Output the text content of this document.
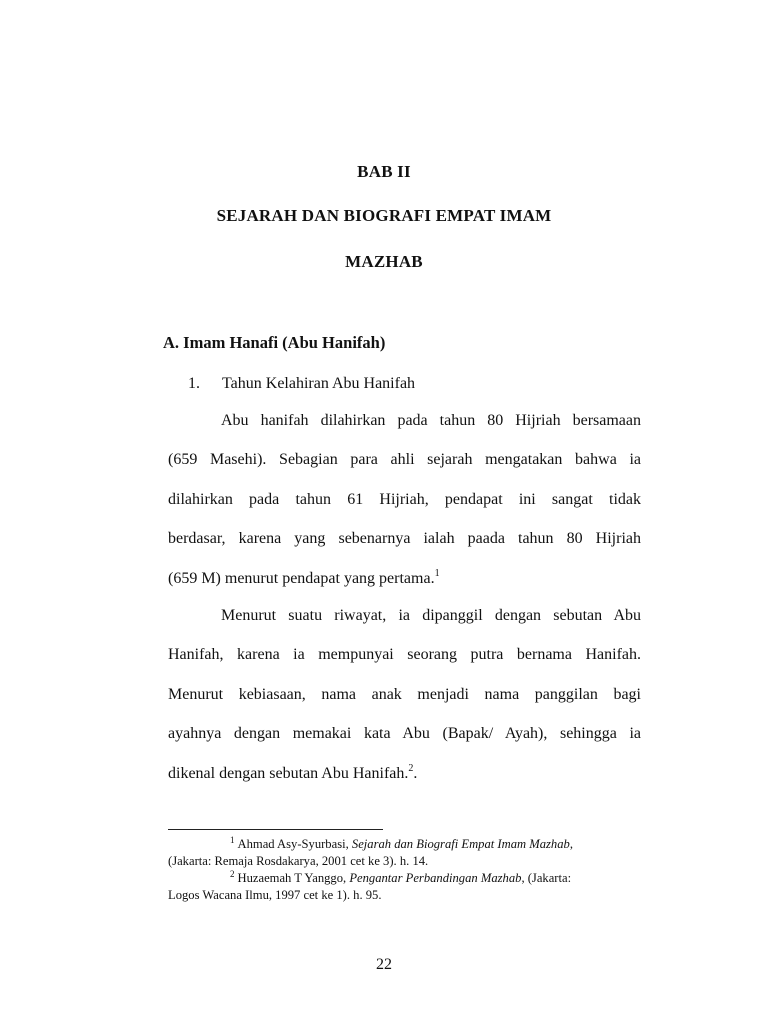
BAB II
SEJARAH DAN BIOGRAFI EMPAT IMAM
MAZHAB
A. Imam Hanafi (Abu Hanifah)
1. Tahun Kelahiran Abu Hanifah
Abu hanifah dilahirkan pada tahun 80 Hijriah bersamaan
(659 Masehi). Sebagian para ahli sejarah mengatakan bahwa ia
dilahirkan pada tahun 61 Hijriah, pendapat ini sangat tidak
berdasar, karena yang sebenarnya ialah paada tahun 80 Hijriah
(659 M) menurut pendapat yang pertama.$^1$
Menurut suatu riwayat, ia dipanggil dengan sebutan Abu
Hanifah, karena ia mempunyai seorang putra bernama Hanifah.
Menurut kebiasaan, nama anak menjadi nama panggilan bagi
ayahnya dengan memakai kata Abu (Bapak/ Ayah), sehingga ia
dikenal dengan sebutan Abu Hanifah.$^2$.
$^1$ Ahmad Asy-Syurbasi, Sejarah dan Biografi Empat Imam Mazhab,
(Jakarta: Remaja Rosdakarya, 2001 cet ke 3). h. 14.
$^2$ Huzaemah T Yanggo, Pengantar Perbandingan Mazhab, (Jakarta:
Logos Wacana Ilmu, 1997 cet ke 1). h. 95.
22
